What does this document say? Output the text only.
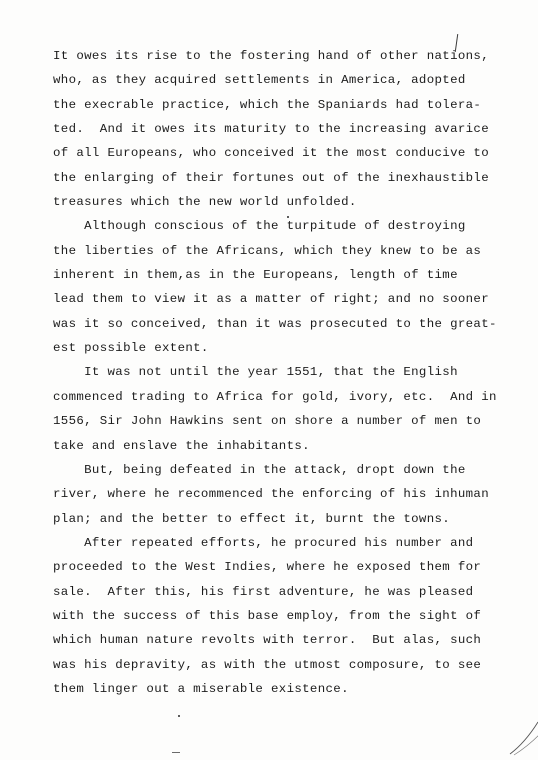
It owes its rise to the fostering hand of other nations,
who, as they acquired settlements in America, adopted
the execrable practice, which the Spaniards had tolera-
ted.  And it owes its maturity to the increasing avarice
of all Europeans, who conceived it the most conducive to
the enlarging of their fortunes out of the inexhaustible
treasures which the new world unfolded.
Although conscious of the turpitude of destroying
the liberties of the Africans, which they knew to be as
inherent in them,as in the Europeans, length of time
lead them to view it as a matter of right; and no sooner
was it so conceived, than it was prosecuted to the great-
est possible extent.
It was not until the year 1551, that the English
commenced trading to Africa for gold, ivory, etc.  And in
1556, Sir John Hawkins sent on shore a number of men to
take and enslave the inhabitants.
But, being defeated in the attack, dropt down the
river, where he recommenced the enforcing of his inhuman
plan; and the better to effect it, burnt the towns.
After repeated efforts, he procured his number and
proceeded to the West Indies, where he exposed them for
sale.  After this, his first adventure, he was pleased
with the success of this base employ, from the sight of
which human nature revolts with terror.  But alas, such
was his depravity, as with the utmost composure, to see
them linger out a miserable existence.
